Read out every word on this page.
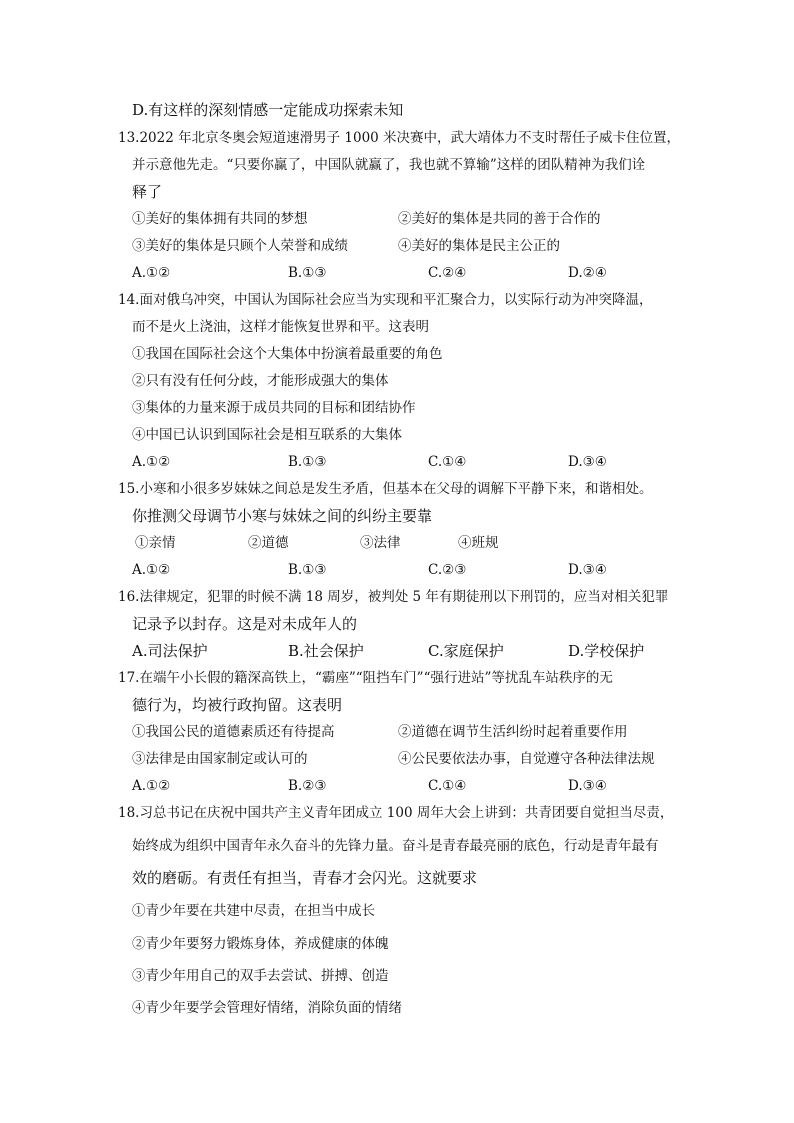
D.有这样的深刻情感一定能成功探索未知
13.2022 年北京冬奥会短道速滑男子 1000 米决赛中，武大靖体力不支时帮任子威卡住位置，
并示意他先走。“只要你赢了，中国队就赢了，我也就不算输”这样的团队精神为我们诠
释了
①美好的集体拥有共同的梦想	②美好的集体是共同的善于合作的
③美好的集体是只顾个人荣誉和成绩	④美好的集体是民主公正的
A.①②	B.①③	C.②④	D.②④
14.面对俄乌冲突，中国认为国际社会应当为实现和平汇聚合力，以实际行动为冲突降温，
而不是火上浇油，这样才能恢复世界和平。这表明
①我国在国际社会这个大集体中扮演着最重要的角色
②只有没有任何分歧，才能形成强大的集体
③集体的力量来源于成员共同的目标和团结协作
④中国已认识到国际社会是相互联系的大集体
A.①②	B.①③	C.①④	D.③④
15.小寒和小很多岁妹妹之间总是发生矛盾，但基本在父母的调解下平静下来，和谐相处。
你推测父母调节小寒与妹妹之间的纠纷主要靠
①亲情	②道德	③法律	④班规
A.①②	B.①③	C.②③	D.③④
16.法律规定，犯罪的时候不满 18 周岁，被判处 5 年有期徒刑以下刑罚的，应当对相关犯罪
记录予以封存。这是对未成年人的
A.司法保护	B.社会保护	C.家庭保护	D.学校保护
17.在端午小长假的籍深高铁上，“霸座”“阻挡车门”“强行进站”等扰乱车站秩序的无
德行为，均被行政拘留。这表明
①我国公民的道德素质还有待提高	②道德在调节生活纠纷时起着重要作用
③法律是由国家制定或认可的	④公民要依法办事，自觉遵守各种法律法规
A.①②	B.②③	C.①④	D.③④
18.习总书记在庆祝中国共产主义青年团成立 100 周年大会上讲到：共青团要自觉担当尽责，
始终成为组织中国青年永久奋斗的先锋力量。奋斗是青春最亮丽的底色，行动是青年最有
效的磨砺。有责任有担当，青春才会闪光。这就要求
①青少年要在共建中尽责，在担当中成长
②青少年要努力锻炼身体，养成健康的体魄
③青少年用自己的双手去尝试、拼搏、创造
④青少年要学会管理好情绪，消除负面的情绪
